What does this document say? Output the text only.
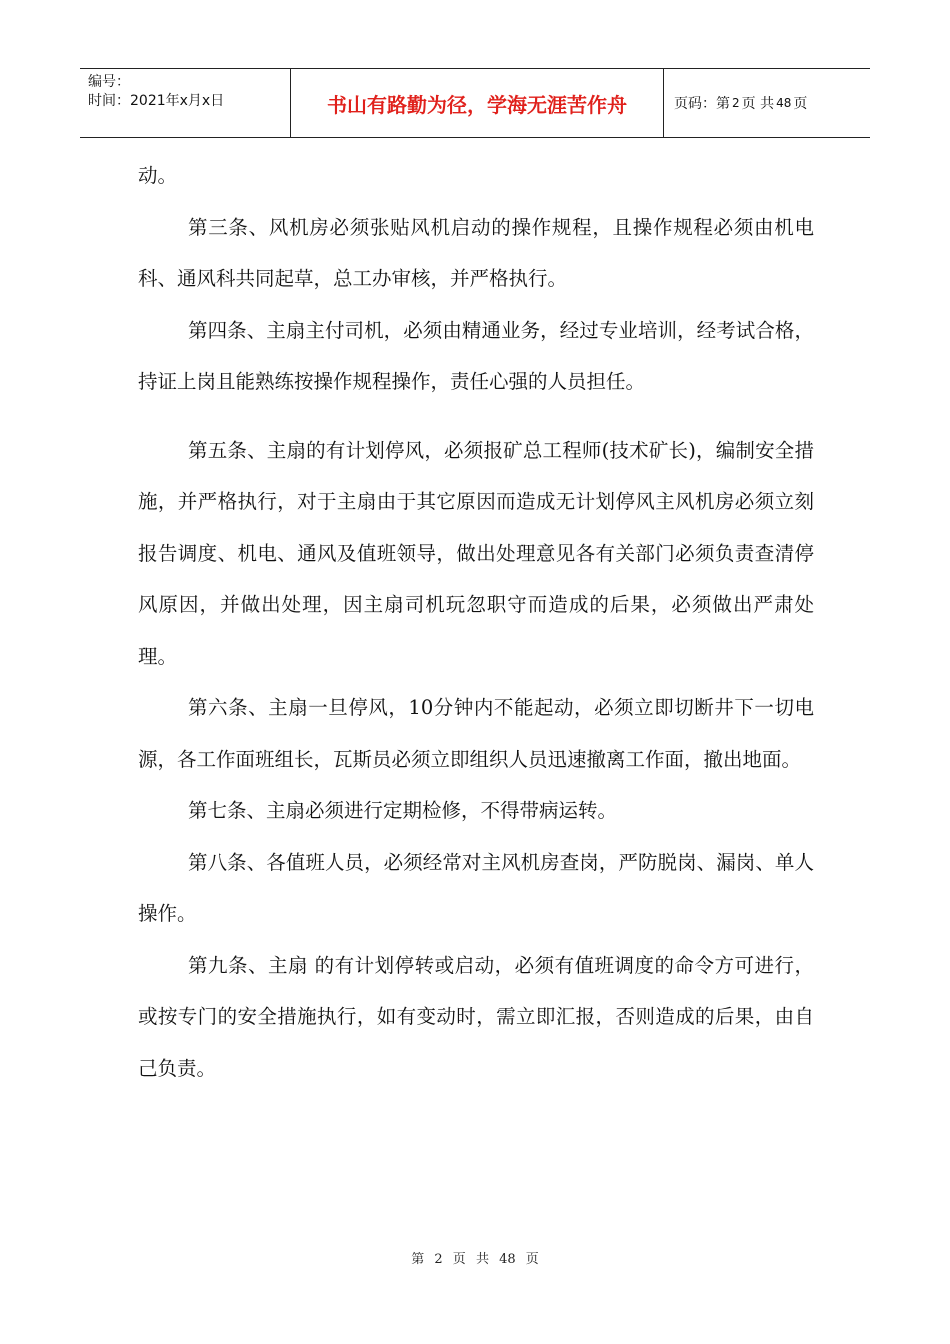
编号：
时间：2021年x月x日	书山有路勤为径，学海无涯苦作舟	页码：第 2 页 共 48 页

动。

第三条、风机房必须张贴风机启动的操作规程，且操作规程必须由机电科、通风科共同起草，总工办审核，并严格执行。

第四条、主扇主付司机，必须由精通业务，经过专业培训，经考试合格，持证上岗且能熟练按操作规程操作，责任心强的人员担任。

第五条、主扇的有计划停风，必须报矿总工程师(技术矿长)，编制安全措施，并严格执行，对于主扇由于其它原因而造成无计划停风主风机房必须立刻报告调度、机电、通风及值班领导，做出处理意见各有关部门必须负责查清停风原因，并做出处理，因主扇司机玩忽职守而造成的后果，必须做出严肃处理。

第六条、主扇一旦停风，10分钟内不能起动，必须立即切断井下一切电源，各工作面班组长，瓦斯员必须立即组织人员迅速撤离工作面，撤出地面。

第七条、主扇必须进行定期检修，不得带病运转。

第八条、各值班人员，必须经常对主风机房查岗，严防脱岗、漏岗、单人操作。

第九条、主扇 的有计划停转或启动，必须有值班调度的命令方可进行，或按专门的安全措施执行，如有变动时，需立即汇报，否则造成的后果，由自己负责。

第 2 页 共 48 页
